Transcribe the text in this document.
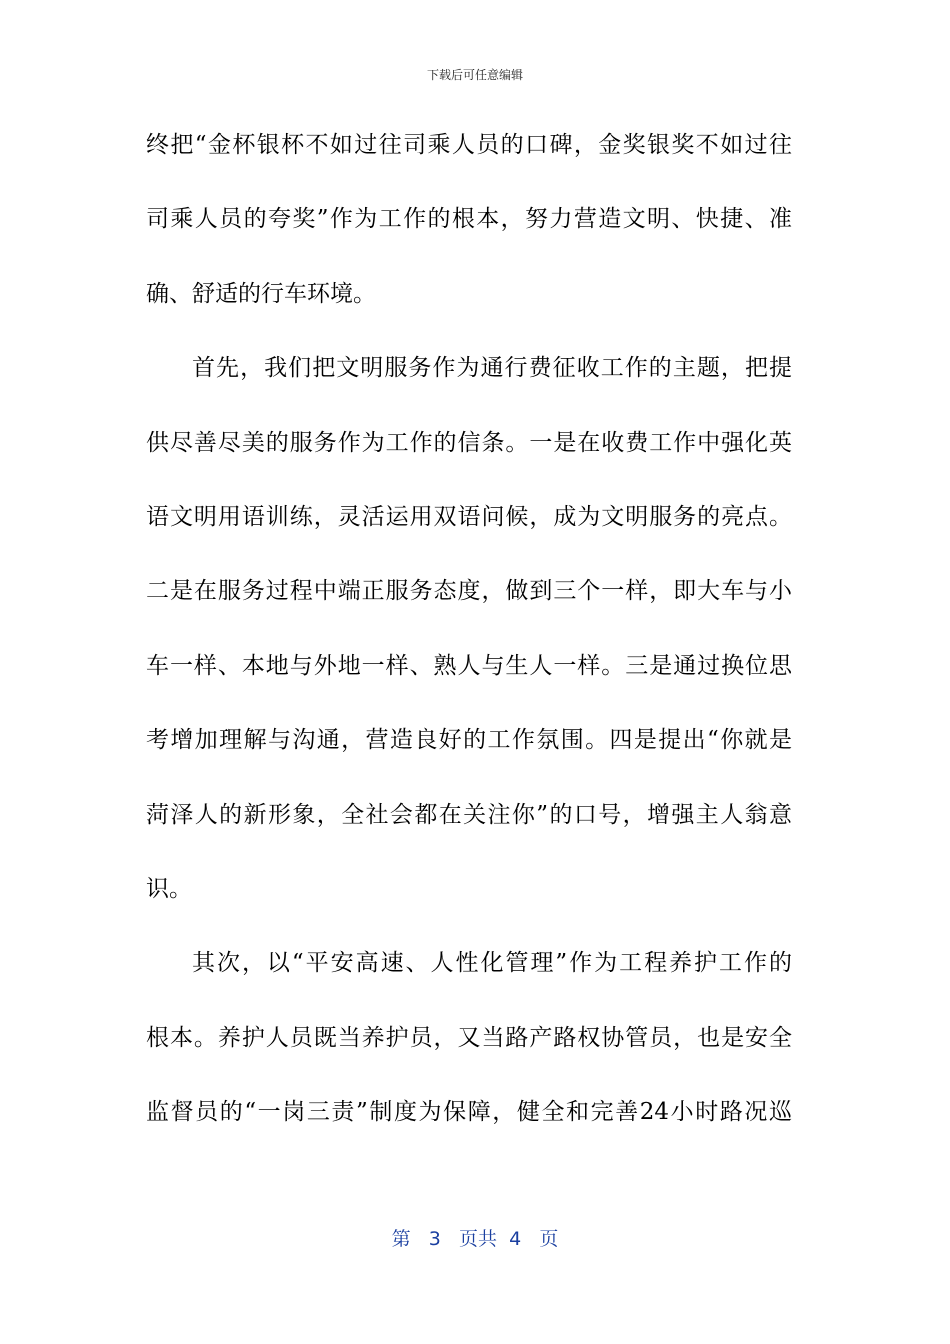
下载后可任意编辑
终把“金杯银杯不如过往司乘人员的口碑，金奖银奖不如过往
司乘人员的夸奖”作为工作的根本，努力营造文明、快捷、准
确、舒适的行车环境。
首先，我们把文明服务作为通行费征收工作的主题，把提
供尽善尽美的服务作为工作的信条。一是在收费工作中强化英
语文明用语训练，灵活运用双语问候，成为文明服务的亮点。
二是在服务过程中端正服务态度，做到三个一样，即大车与小
车一样、本地与外地一样、熟人与生人一样。三是通过换位思
考增加理解与沟通，营造良好的工作氛围。四是提出“你就是
菏泽人的新形象，全社会都在关注你”的口号，增强主人翁意
识。
其次，以“平安高速、人性化管理”作为工程养护工作的
根本。养护人员既当养护员，又当路产路权协管员，也是安全
监督员的“一岗三责”制度为保障，健全和完善24小时路况巡
第 3 页共 4 页
